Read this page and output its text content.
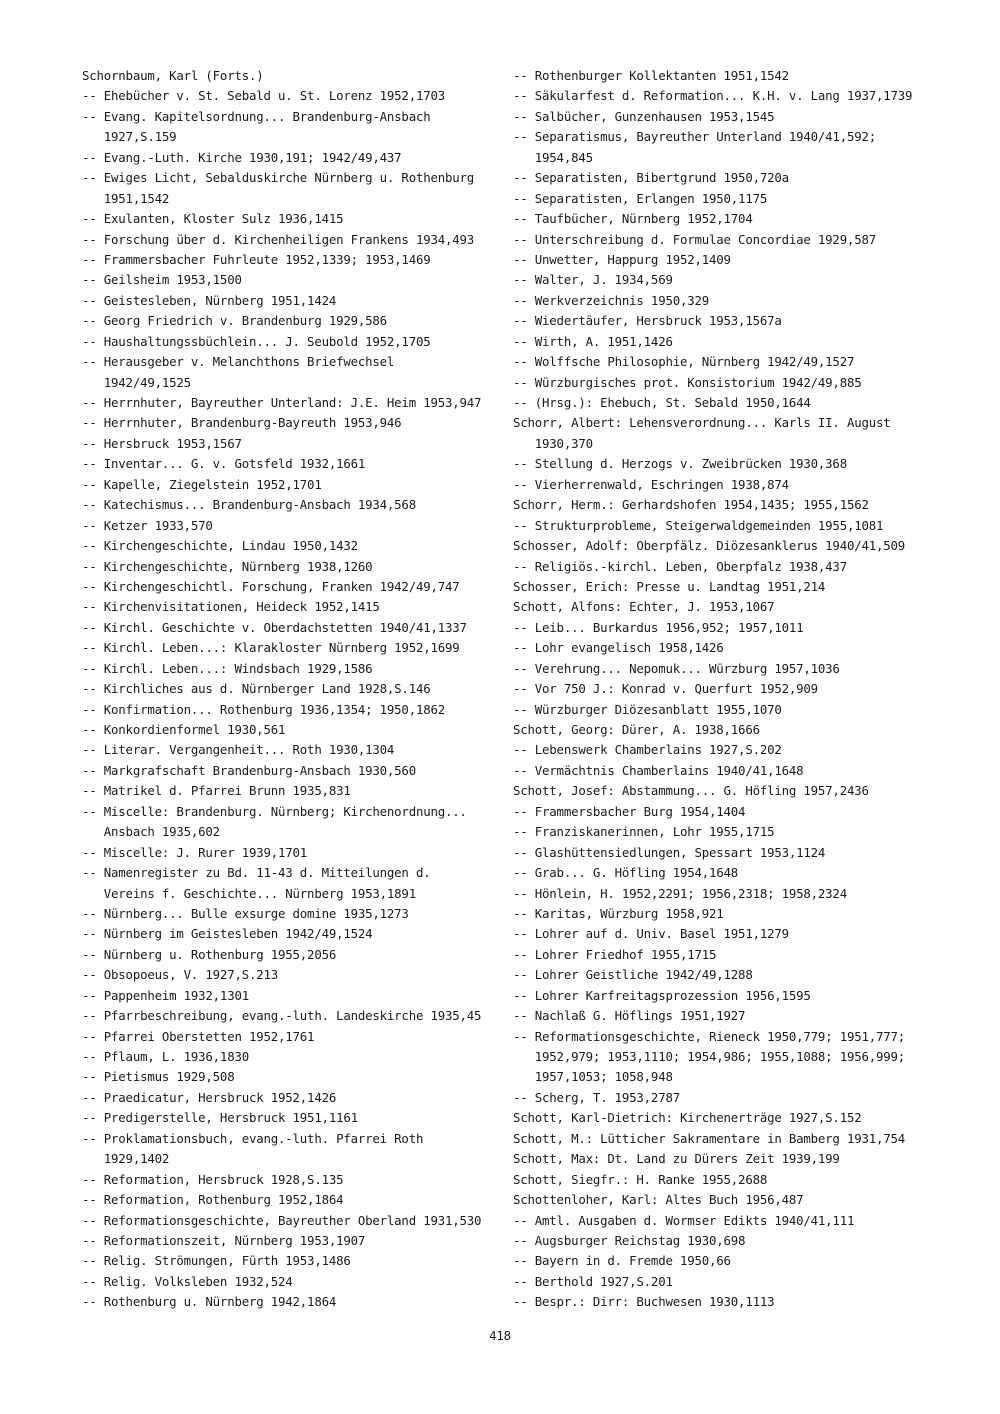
Schornbaum, Karl (Forts.)
-- Ehebücher v. St. Sebald u. St. Lorenz 1952,1703
-- Evang. Kapitelsordnung... Brandenburg-Ansbach
1927,S.159
-- Evang.-Luth. Kirche 1930,191; 1942/49,437
-- Ewiges Licht, Sebalduskirche Nürnberg u. Rothenburg
1951,1542
-- Exulanten, Kloster Sulz 1936,1415
-- Forschung über d. Kirchenheiligen Frankens 1934,493
-- Frammersbacher Fuhrleute 1952,1339; 1953,1469
-- Geilsheim 1953,1500
-- Geistesleben, Nürnberg 1951,1424
-- Georg Friedrich v. Brandenburg 1929,586
-- Haushaltungssbüchlein... J. Seubold 1952,1705
-- Herausgeber v. Melanchthons Briefwechsel
1942/49,1525
-- Herrnhuter, Bayreuther Unterland: J.E. Heim 1953,947
-- Herrnhuter, Brandenburg-Bayreuth 1953,946
-- Hersbruck 1953,1567
-- Inventar... G. v. Gotsfeld 1932,1661
-- Kapelle, Ziegelstein 1952,1701
-- Katechismus... Brandenburg-Ansbach 1934,568
-- Ketzer 1933,570
-- Kirchengeschichte, Lindau 1950,1432
-- Kirchengeschichte, Nürnberg 1938,1260
-- Kirchengeschichtl. Forschung, Franken 1942/49,747
-- Kirchenvisitationen, Heideck 1952,1415
-- Kirchl. Geschichte v. Oberdachstetten 1940/41,1337
-- Kirchl. Leben...: Klarakloster Nürnberg 1952,1699
-- Kirchl. Leben...: Windsbach 1929,1586
-- Kirchliches aus d. Nürnberger Land 1928,S.146
-- Konfirmation... Rothenburg 1936,1354; 1950,1862
-- Konkordienformel 1930,561
-- Literar. Vergangenheit... Roth 1930,1304
-- Markgrafschaft Brandenburg-Ansbach 1930,560
-- Matrikel d. Pfarrei Brunn 1935,831
-- Miscelle: Brandenburg. Nürnberg; Kirchenordnung...
Ansbach 1935,602
-- Miscelle: J. Rurer 1939,1701
-- Namenregister zu Bd. 11-43 d. Mitteilungen d.
Vereins f. Geschichte... Nürnberg 1953,1891
-- Nürnberg... Bulle exsurge domine 1935,1273
-- Nürnberg im Geistesleben 1942/49,1524
-- Nürnberg u. Rothenburg 1955,2056
-- Obsopoeus, V. 1927,S.213
-- Pappenheim 1932,1301
-- Pfarrbeschreibung, evang.-luth. Landeskirche 1935,45
-- Pfarrei Oberstetten 1952,1761
-- Pflaum, L. 1936,1830
-- Pietismus 1929,508
-- Praedicatur, Hersbruck 1952,1426
-- Predigerstelle, Hersbruck 1951,1161
-- Proklamationsbuch, evang.-luth. Pfarrei Roth
1929,1402
-- Reformation, Hersbruck 1928,S.135
-- Reformation, Rothenburg 1952,1864
-- Reformationsgeschichte, Bayreuther Oberland 1931,530
-- Reformationszeit, Nürnberg 1953,1907
-- Relig. Strömungen, Fürth 1953,1486
-- Relig. Volksleben 1932,524
-- Rothenburg u. Nürnberg 1942,1864
-- Rothenburger Kollektanten 1951,1542
-- Säkularfest d. Reformation... K.H. v. Lang 1937,1739
-- Salbücher, Gunzenhausen 1953,1545
-- Separatismus, Bayreuther Unterland 1940/41,592;
1954,845
-- Separatisten, Bibertgrund 1950,720a
-- Separatisten, Erlangen 1950,1175
-- Taufbücher, Nürnberg 1952,1704
-- Unterschreibung d. Formulae Concordiae 1929,587
-- Unwetter, Happurg 1952,1409
-- Walter, J. 1934,569
-- Werkverzeichnis 1950,329
-- Wiedertäufer, Hersbruck 1953,1567a
-- Wirth, A. 1951,1426
-- Wolffsche Philosophie, Nürnberg 1942/49,1527
-- Würzburgisches prot. Konsistorium 1942/49,885
-- (Hrsg.): Ehebuch, St. Sebald 1950,1644
Schorr, Albert: Lehensverordnung... Karls II. August
1930,370
-- Stellung d. Herzogs v. Zweibrücken 1930,368
-- Vierherrenwald, Eschringen 1938,874
Schorr, Herm.: Gerhardshofen 1954,1435; 1955,1562
-- Strukturprobleme, Steigerwaldgemeinden 1955,1081
Schosser, Adolf: Oberpfälz. Diözesanklerus 1940/41,509
-- Religiös.-kirchl. Leben, Oberpfalz 1938,437
Schosser, Erich: Presse u. Landtag 1951,214
Schott, Alfons: Echter, J. 1953,1067
-- Leib... Burkardus 1956,952; 1957,1011
-- Lohr evangelisch 1958,1426
-- Verehrung... Nepomuk... Würzburg 1957,1036
-- Vor 750 J.: Konrad v. Querfurt 1952,909
-- Würzburger Diözesanblatt 1955,1070
Schott, Georg: Dürer, A. 1938,1666
-- Lebenswerk Chamberlains 1927,S.202
-- Vermächtnis Chamberlains 1940/41,1648
Schott, Josef: Abstammung... G. Höfling 1957,2436
-- Frammersbacher Burg 1954,1404
-- Franziskanerinnen, Lohr 1955,1715
-- Glashüttensiedlungen, Spessart 1953,1124
-- Grab... G. Höfling 1954,1648
-- Hönlein, H. 1952,2291; 1956,2318; 1958,2324
-- Karitas, Würzburg 1958,921
-- Lohrer auf d. Univ. Basel 1951,1279
-- Lohrer Friedhof 1955,1715
-- Lohrer Geistliche 1942/49,1288
-- Lohrer Karfreitagsprozession 1956,1595
-- Nachlaß G. Höflings 1951,1927
-- Reformationsgeschichte, Rieneck 1950,779; 1951,777;
1952,979; 1953,1110; 1954,986; 1955,1088; 1956,999;
1957,1053; 1058,948
-- Scherg, T. 1953,2787
Schott, Karl-Dietrich: Kirchenerträge 1927,S.152
Schott, M.: Lütticher Sakramentare in Bamberg 1931,754
Schott, Max: Dt. Land zu Dürers Zeit 1939,199
Schott, Siegfr.: H. Ranke 1955,2688
Schottenloher, Karl: Altes Buch 1956,487
-- Amtl. Ausgaben d. Wormser Edikts 1940/41,111
-- Augsburger Reichstag 1930,698
-- Bayern in d. Fremde 1950,66
-- Berthold 1927,S.201
-- Bespr.: Dirr: Buchwesen 1930,1113
418
